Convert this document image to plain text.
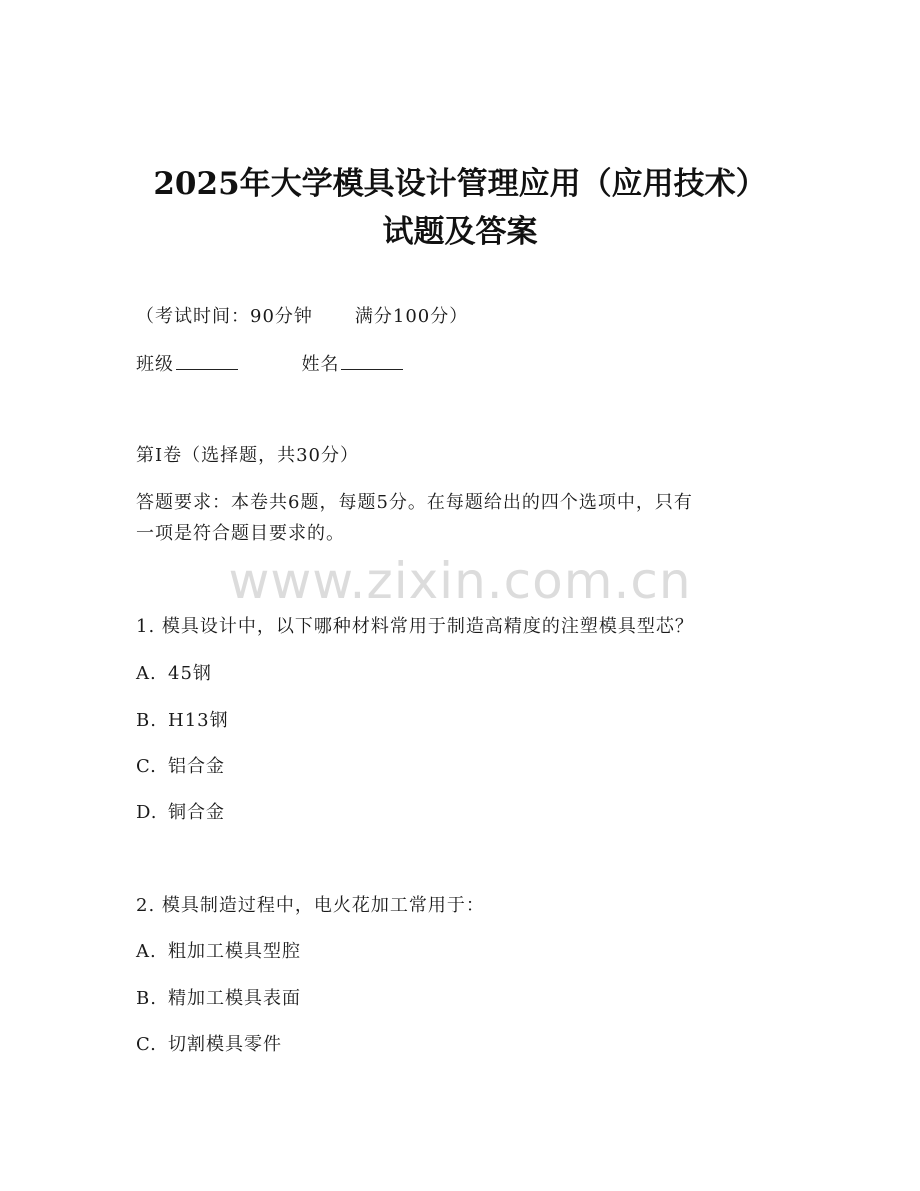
2025年大学模具设计管理应用（应用技术）
试题及答案
（考试时间：90分钟 满分100分）
班级	姓名
第I卷（选择题，共30分）
答题要求：本卷共6题，每题5分。在每题给出的四个选项中，只有
一项是符合题目要求的。
www.zixin.com.cn
1. 模具设计中，以下哪种材料常用于制造高精度的注塑模具型芯？
A. 45钢
B. H13钢
C. 铝合金
D. 铜合金
2. 模具制造过程中，电火花加工常用于：
A. 粗加工模具型腔
B. 精加工模具表面
C. 切割模具零件
